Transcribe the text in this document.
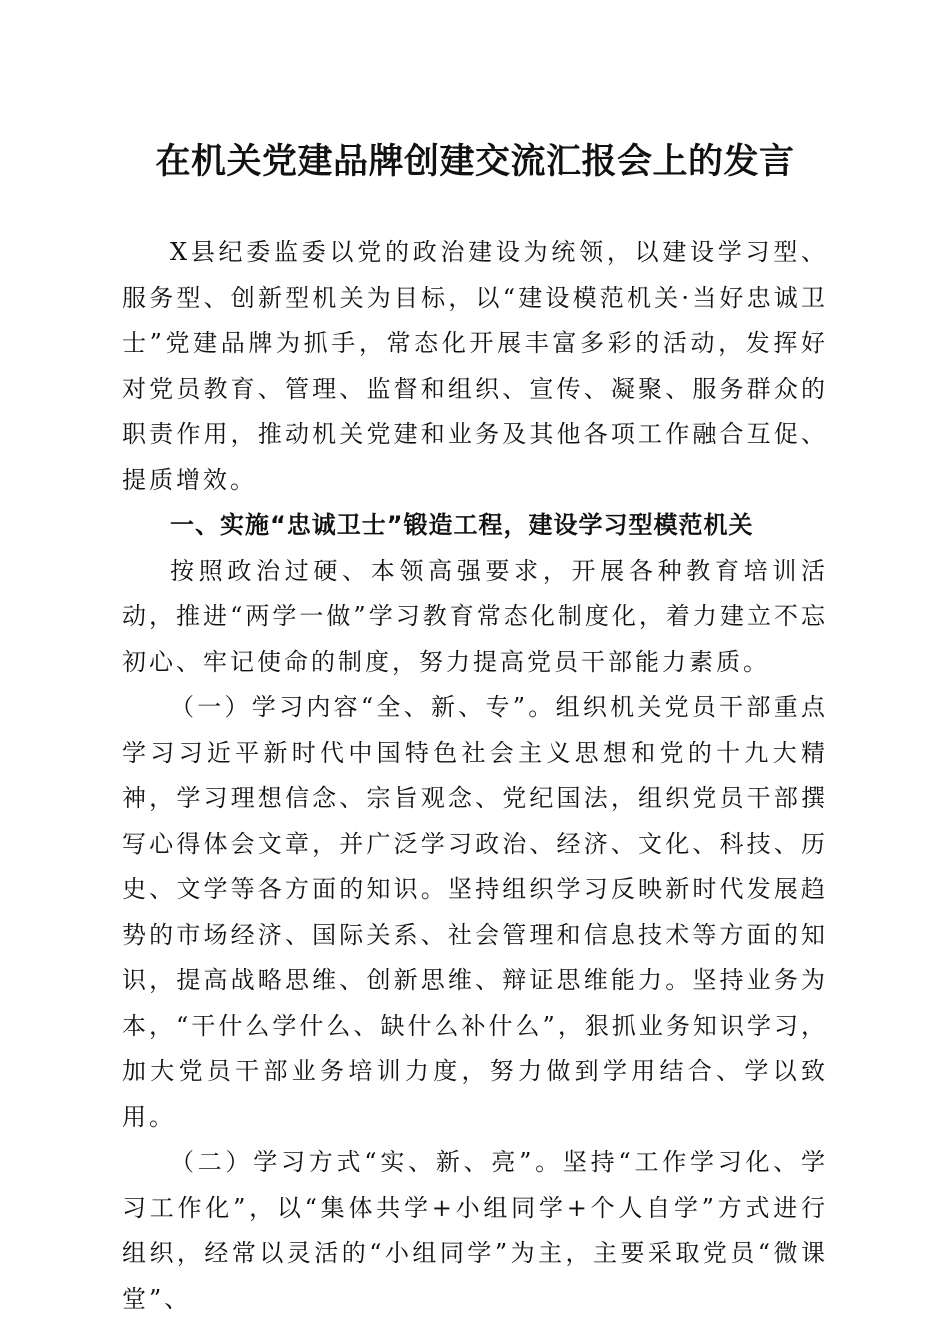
在机关党建品牌创建交流汇报会上的发言

X县纪委监委以党的政治建设为统领，以建设学习型、服务型、创新型机关为目标，以“建设模范机关·当好忠诚卫士”党建品牌为抓手，常态化开展丰富多彩的活动，发挥好对党员教育、管理、监督和组织、宣传、凝聚、服务群众的职责作用，推动机关党建和业务及其他各项工作融合互促、提质增效。

一、实施“忠诚卫士”锻造工程，建设学习型模范机关

按照政治过硬、本领高强要求，开展各种教育培训活动，推进“两学一做”学习教育常态化制度化，着力建立不忘初心、牢记使命的制度，努力提高党员干部能力素质。

（一）学习内容“全、新、专”。组织机关党员干部重点学习习近平新时代中国特色社会主义思想和党的十九大精神，学习理想信念、宗旨观念、党纪国法，组织党员干部撰写心得体会文章，并广泛学习政治、经济、文化、科技、历史、文学等各方面的知识。坚持组织学习反映新时代发展趋势的市场经济、国际关系、社会管理和信息技术等方面的知识，提高战略思维、创新思维、辩证思维能力。坚持业务为本，“干什么学什么、缺什么补什么”，狠抓业务知识学习，加大党员干部业务培训力度，努力做到学用结合、学以致用。

（二）学习方式“实、新、亮”。坚持“工作学习化、学习工作化”，以“集体共学+小组同学+个人自学”方式进行组织，经常以灵活的“小组同学”为主，主要采取党员“微课堂”、
